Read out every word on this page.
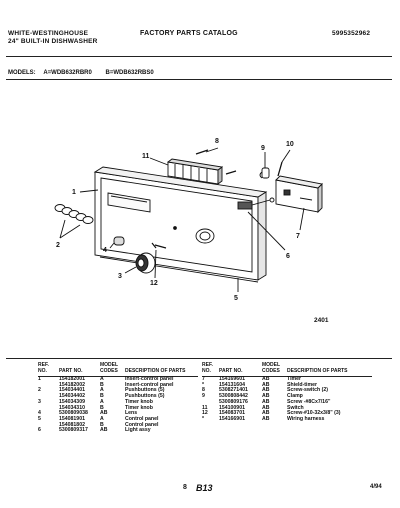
WHITE-WESTINGHOUSE
24" BUILT-IN DISHWASHER
FACTORY PARTS CATALOG	5995352962
MODELS: A=WDB632RBR0 B=WDB632RBS0
8
9
10
11
1
2
4
3
12
5
7
6
2401
REF. NO.	PART NO.	MODEL CODES	DESCRIPTION OF PARTS
1	154182001	A	Insert-control panel
	154182002	B	Insert-control panel
2	154034401	A	Pushbuttons (5)
	154034402	B	Pushbuttons (5)
3	154034309	A	Timer knob
	154034310	B	Timer knob
4	5300809038	AB	Lens
5	154081901	A	Control panel
	154081802	B	Control panel
6	5300809317	AB	Light assy
REF. NO.	PART NO.	MODEL CODES	DESCRIPTION OF PARTS
7	154169601	AB	Timer
*	154131604	AB	Shield-timer
8	5308271401	AB	Screw-switch (2)
9	5300808442	AB	Clamp
	5300809176	AB	Screw -#8Cx7/16"
11	154100901	AB	Switch
12	154083701	AB	Screw-#10-32x3/8" (3)

*	154166901	AB	Wiring harness

8 B13	4/94
